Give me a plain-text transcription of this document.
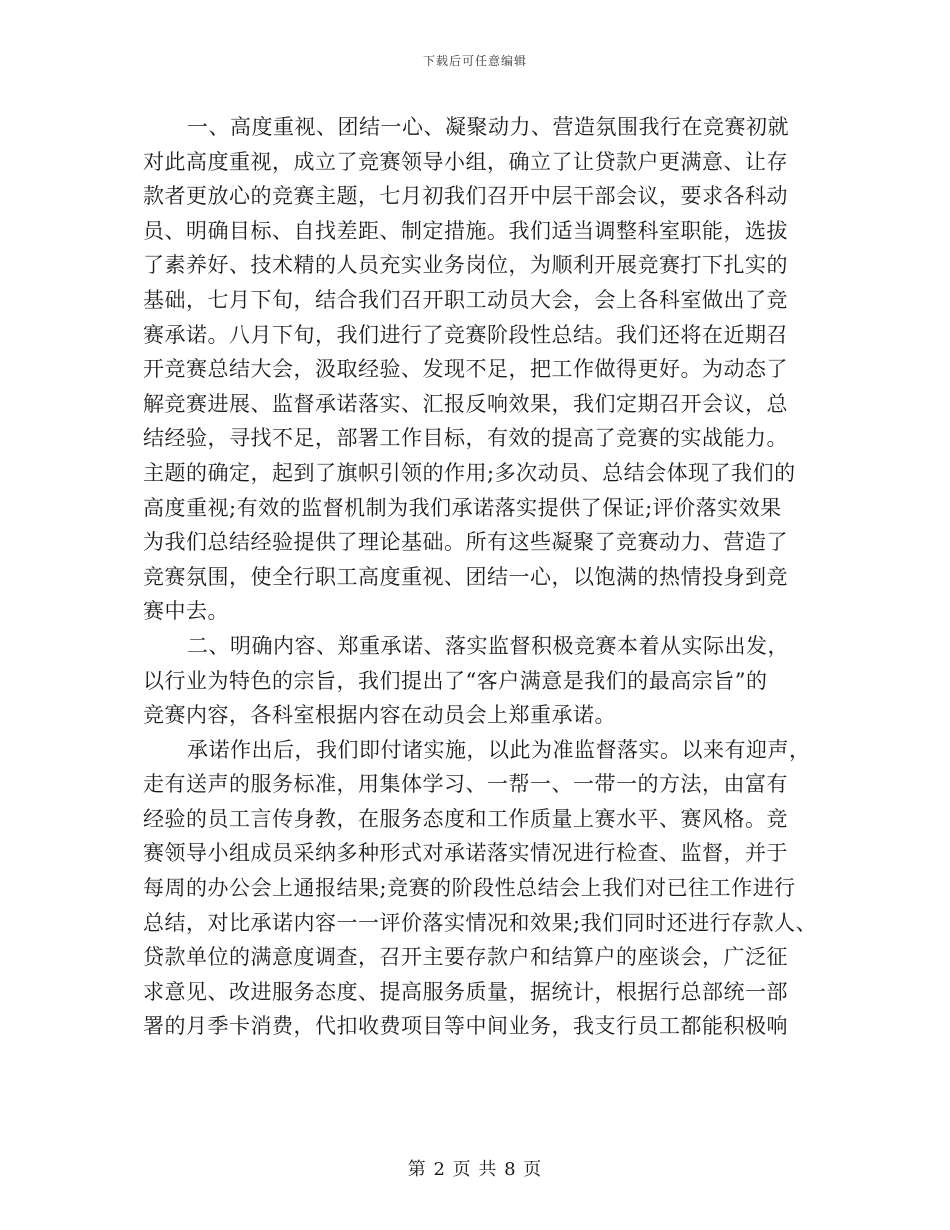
下载后可任意编辑
一、高度重视、团结一心、凝聚动力、营造氛围我行在竞赛初就
对此高度重视，成立了竞赛领导小组，确立了让贷款户更满意、让存
款者更放心的竞赛主题，七月初我们召开中层干部会议，要求各科动
员、明确目标、自找差距、制定措施。我们适当调整科室职能，选拔
了素养好、技术精的人员充实业务岗位，为顺利开展竞赛打下扎实的
基础，七月下旬，结合我们召开职工动员大会，会上各科室做出了竞
赛承诺。八月下旬，我们进行了竞赛阶段性总结。我们还将在近期召
开竞赛总结大会，汲取经验、发现不足，把工作做得更好。为动态了
解竞赛进展、监督承诺落实、汇报反响效果，我们定期召开会议，总
结经验，寻找不足，部署工作目标，有效的提高了竞赛的实战能力。
主题的确定，起到了旗帜引领的作用;多次动员、总结会体现了我们的
高度重视;有效的监督机制为我们承诺落实提供了保证;评价落实效果
为我们总结经验提供了理论基础。所有这些凝聚了竞赛动力、营造了
竞赛氛围，使全行职工高度重视、团结一心，以饱满的热情投身到竞
赛中去。
二、明确内容、郑重承诺、落实监督积极竞赛本着从实际出发，
以行业为特色的宗旨，我们提出了“客户满意是我们的最高宗旨”的
竞赛内容，各科室根据内容在动员会上郑重承诺。
承诺作出后，我们即付诸实施，以此为准监督落实。以来有迎声，
走有送声的服务标准，用集体学习、一帮一、一带一的方法，由富有
经验的员工言传身教，在服务态度和工作质量上赛水平、赛风格。竞
赛领导小组成员采纳多种形式对承诺落实情况进行检查、监督，并于
每周的办公会上通报结果;竞赛的阶段性总结会上我们对已往工作进行
总结，对比承诺内容一一评价落实情况和效果;我们同时还进行存款人、
贷款单位的满意度调查，召开主要存款户和结算户的座谈会，广泛征
求意见、改进服务态度、提高服务质量，据统计，根据行总部统一部
署的月季卡消费，代扣收费项目等中间业务，我支行员工都能积极响
第 2 页 共 8 页
